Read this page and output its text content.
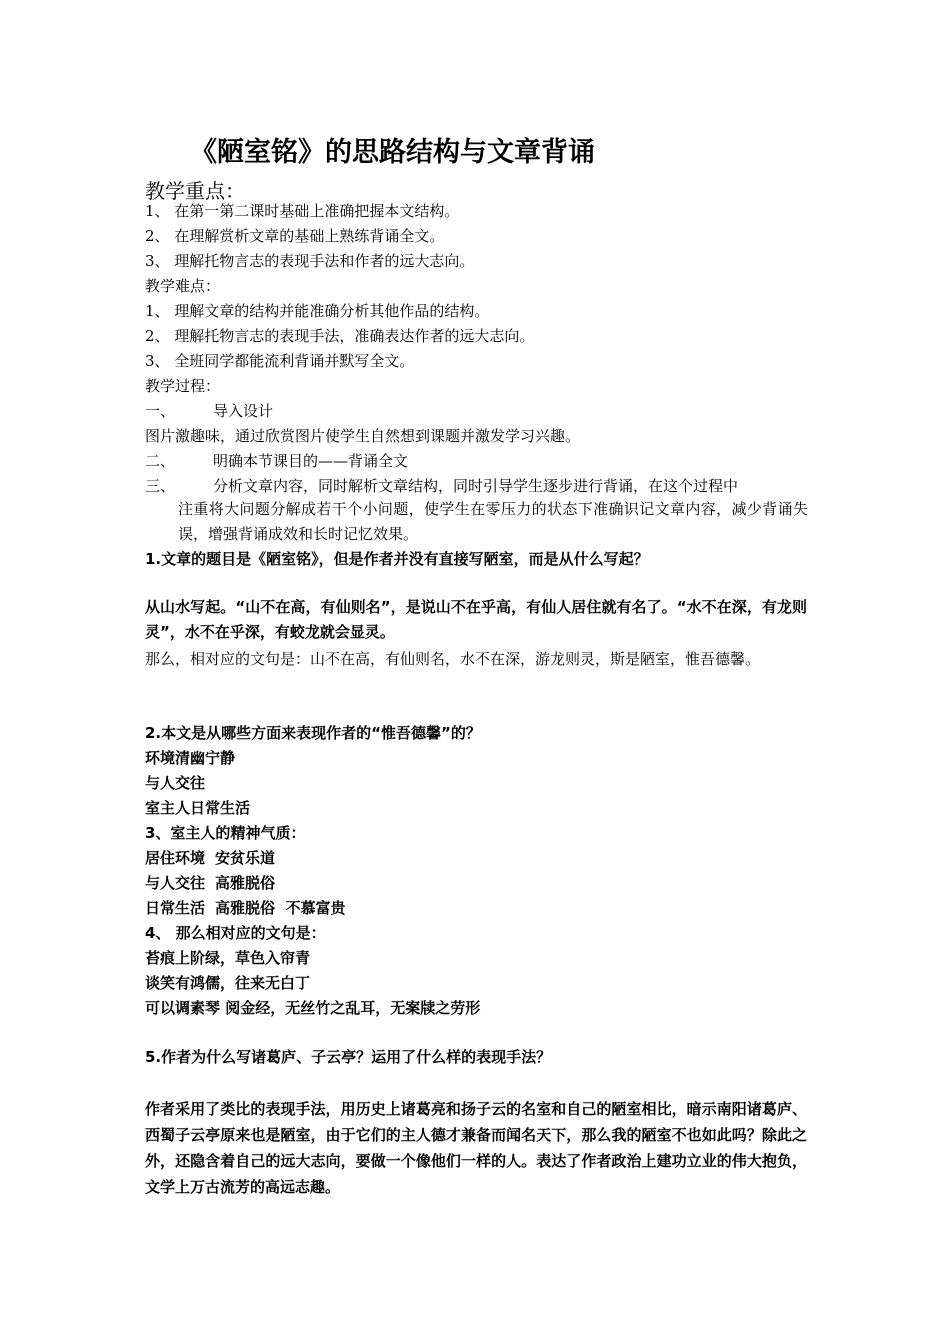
《陋室铭》的思路结构与文章背诵
教学重点：
1、 在第一第二课时基础上准确把握本文结构。
2、 在理解赏析文章的基础上熟练背诵全文。
3、 理解托物言志的表现手法和作者的远大志向。
教学难点：
1、 理解文章的结构并能准确分析其他作品的结构。
2、 理解托物言志的表现手法，准确表达作者的远大志向。
3、 全班同学都能流利背诵并默写全文。
教学过程：
一、	导入设计
图片激趣味，通过欣赏图片使学生自然想到课题并激发学习兴趣。
二、	明确本节课目的——背诵全文
三、	分析文章内容，同时解析文章结构，同时引导学生逐步进行背诵，在这个过程中
注重将大问题分解成若干个小问题，使学生在零压力的状态下准确识记文章内容，减少背诵失误，增强背诵成效和长时记忆效果。
1.文章的题目是《陋室铭》，但是作者并没有直接写陋室，而是从什么写起？
从山水写起。“山不在高，有仙则名”，是说山不在乎高，有仙人居住就有名了。“水不在深，有龙则灵”，水不在乎深，有蛟龙就会显灵。
那么，相对应的文句是：山不在高，有仙则名，水不在深，游龙则灵，斯是陋室，惟吾德馨。
2.本文是从哪些方面来表现作者的“惟吾德馨”的？
环境清幽宁静
与人交往
室主人日常生活
3、室主人的精神气质：
居住环境 安贫乐道
与人交往 高雅脱俗
日常生活 高雅脱俗  不慕富贵
4、 那么相对应的文句是：
苔痕上阶绿，草色入帘青
谈笑有鸿儒，往来无白丁
可以调素琴 阅金经，无丝竹之乱耳，无案牍之劳形
5.作者为什么写诸葛庐、子云亭？运用了什么样的表现手法？
作者采用了类比的表现手法，用历史上诸葛亮和扬子云的名室和自己的陋室相比，暗示南阳诸葛庐、西蜀子云亭原来也是陋室，由于它们的主人德才兼备而闻名天下，那么我的陋室不也如此吗？除此之外，还隐含着自己的远大志向，要做一个像他们一样的人。表达了作者政治上建功立业的伟大抱负，文学上万古流芳的高远志趣。
